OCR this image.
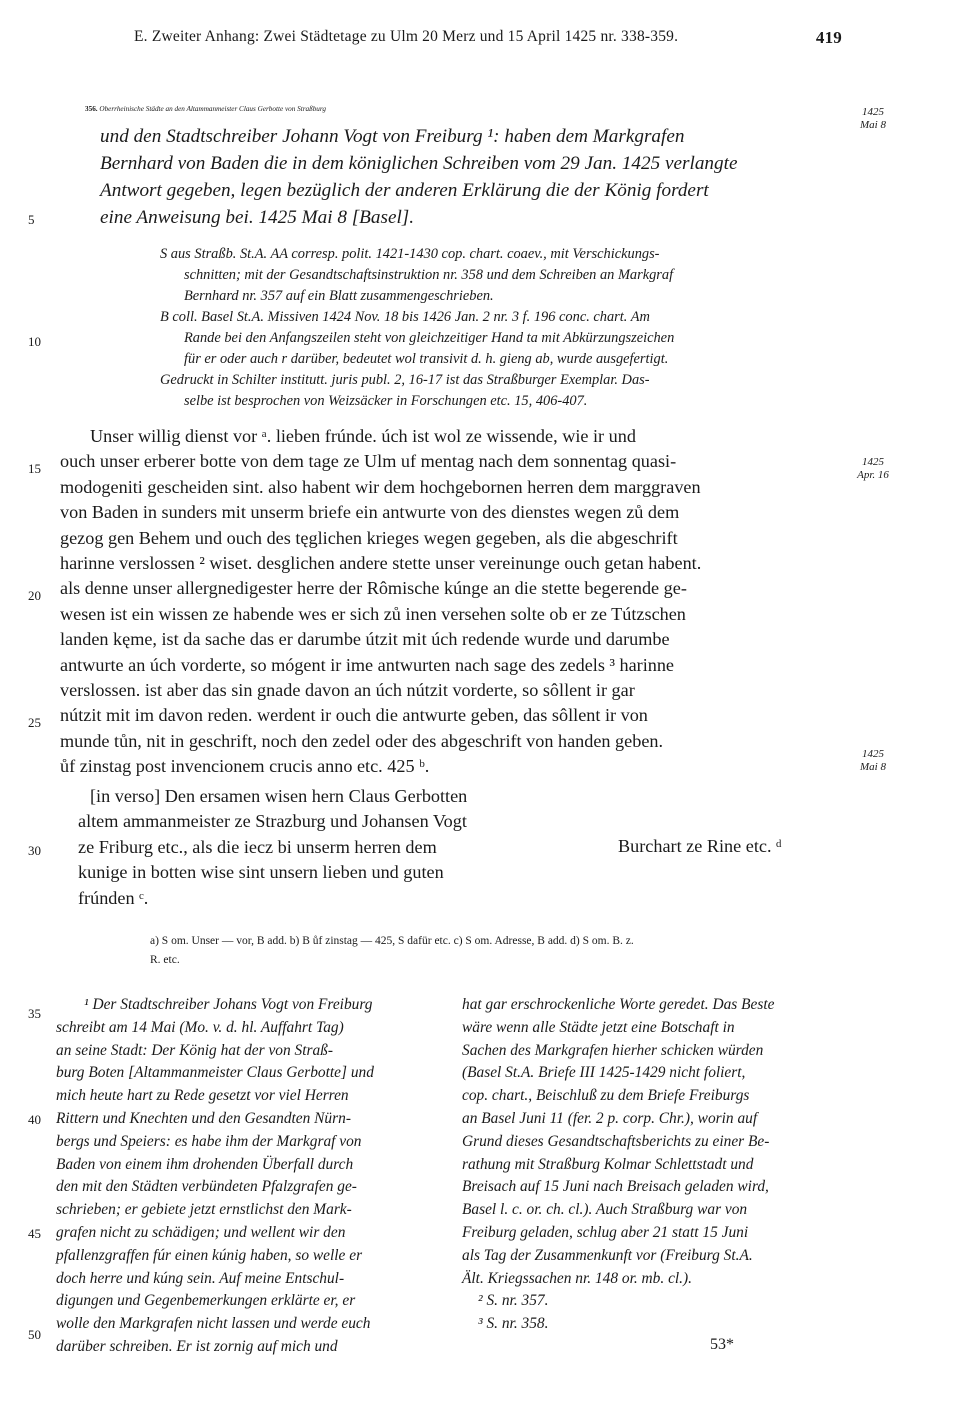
E. Zweiter Anhang: Zwei Städtetage zu Ulm 20 Merz und 15 April 1425 nr. 338-359.	419
5
10
15
20
25
30
35
40
45
50
1425
Mai 8
1425
Apr. 16
1425
Mai 8
356. Oberrheinische Städte an den Altammanmeister Claus Gerbotte von Straßburg
und den Stadtschreiber Johann Vogt von Freiburg ¹: haben dem Markgrafen
Bernhard von Baden die in dem königlichen Schreiben vom 29 Jan. 1425 verlangte
Antwort gegeben, legen bezüglich der anderen Erklärung die der König fordert
eine Anweisung bei. 1425 Mai 8 [Basel].
S aus Straßb. St.A. AA corresp. polit. 1421-1430 cop. chart. coaev., mit Verschickungs-
schnitten; mit der Gesandtschaftsinstruktion nr. 358 und dem Schreiben an Markgraf
Bernhard nr. 357 auf ein Blatt zusammengeschrieben.
B coll. Basel St.A. Missiven 1424 Nov. 18 bis 1426 Jan. 2 nr. 3 f. 196 conc. chart. Am
Rande bei den Anfangszeilen steht von gleichzeitiger Hand ta mit Abkürzungszeichen
für er oder auch r darüber, bedeutet wol transivit d. h. gieng ab, wurde ausgefertigt.
Gedruckt in Schilter institutt. juris publ. 2, 16-17 ist das Straßburger Exemplar. Das-
selbe ist besprochen von Weizsäcker in Forschungen etc. 15, 406-407.
Unser willig dienst vor ᵃ. lieben frúnde. úch ist wol ze wissende, wie ir und
ouch unser erberer botte von dem tage ze Ulm uf mentag nach dem sonnentag quasi-
modogeniti gescheiden sint. also habent wir dem hochgebornen herren dem marggraven
von Baden in sunders mit unserm briefe ein antwurte von des dienstes wegen zů dem
gezog gen Behem und ouch des tęglichen krieges wegen gegeben, als die abgeschrift
harinne verslossen ² wiset. desglichen andere stette unser vereinunge ouch getan habent.
als denne unser allergnedigester herre der Rômische kúnge an die stette begerende ge-
wesen ist ein wissen ze habende wes er sich zů inen versehen solte ob er ze Tútzschen
landen kęme, ist da sache das er darumbe útzit mit úch redende wurde und darumbe
antwurte an úch vorderte, so mógent ir ime antwurten nach sage des zedels ³ harinne
verslossen. ist aber das sin gnade davon an úch nútzit vorderte, so sôllent ir gar
nútzit mit im davon reden. werdent ir ouch die antwurte geben, das sôllent ir von
munde tůn, nit in geschrift, noch den zedel oder des abgeschrift von handen geben.
ůf zinstag post invencionem crucis anno etc. 425 ᵇ.
[in verso] Den ersamen wisen hern Claus Gerbotten
altem ammanmeister ze Strazburg und Johansen Vogt
ze Friburg etc., als die iecz bi unserm herren dem
kunige in botten wise sint unsern lieben und guten
frúnden ᶜ.
Burchart ze Rine etc. ᵈ
a) S om. Unser — vor, B add. b) B ůf zinstag — 425, S dafür etc. c) S om. Adresse, B add. d) S om. B. z.
R. etc.
¹ Der Stadtschreiber Johans Vogt von Freiburg
schreibt am 14 Mai (Mo. v. d. hl. Auffahrt Tag)
an seine Stadt: Der König hat der von Straß-
burg Boten [Altammanmeister Claus Gerbotte] und
mich heute hart zu Rede gesetzt vor viel Herren
Rittern und Knechten und den Gesandten Nürn-
bergs und Speiers: es habe ihm der Markgraf von
Baden von einem ihm drohenden Überfall durch
den mit den Städten verbündeten Pfalzgrafen ge-
schrieben; er gebiete jetzt ernstlichst den Mark-
grafen nicht zu schädigen; und wellent wir den
pfallenzgraffen fúr einen kúnig haben, so welle er
doch herre und kúng sein. Auf meine Entschul-
digungen und Gegenbemerkungen erklärte er, er
wolle den Markgrafen nicht lassen und werde euch
darüber schreiben. Er ist zornig auf mich und
hat gar erschrockenliche Worte geredet. Das Beste
wäre wenn alle Städte jetzt eine Botschaft in
Sachen des Markgrafen hierher schicken würden
(Basel St.A. Briefe III 1425-1429 nicht foliert,
cop. chart., Beischluß zu dem Briefe Freiburgs
an Basel Juni 11 (fer. 2 p. corp. Chr.), worin auf
Grund dieses Gesandtschaftsberichts zu einer Be-
rathung mit Straßburg Kolmar Schlettstadt und
Breisach auf 15 Juni nach Breisach geladen wird,
Basel l. c. or. ch. cl.). Auch Straßburg war von
Freiburg geladen, schlug aber 21 statt 15 Juni
als Tag der Zusammenkunft vor (Freiburg St.A.
Ält. Kriegssachen nr. 148 or. mb. cl.).
² S. nr. 357.
³ S. nr. 358.
53*
